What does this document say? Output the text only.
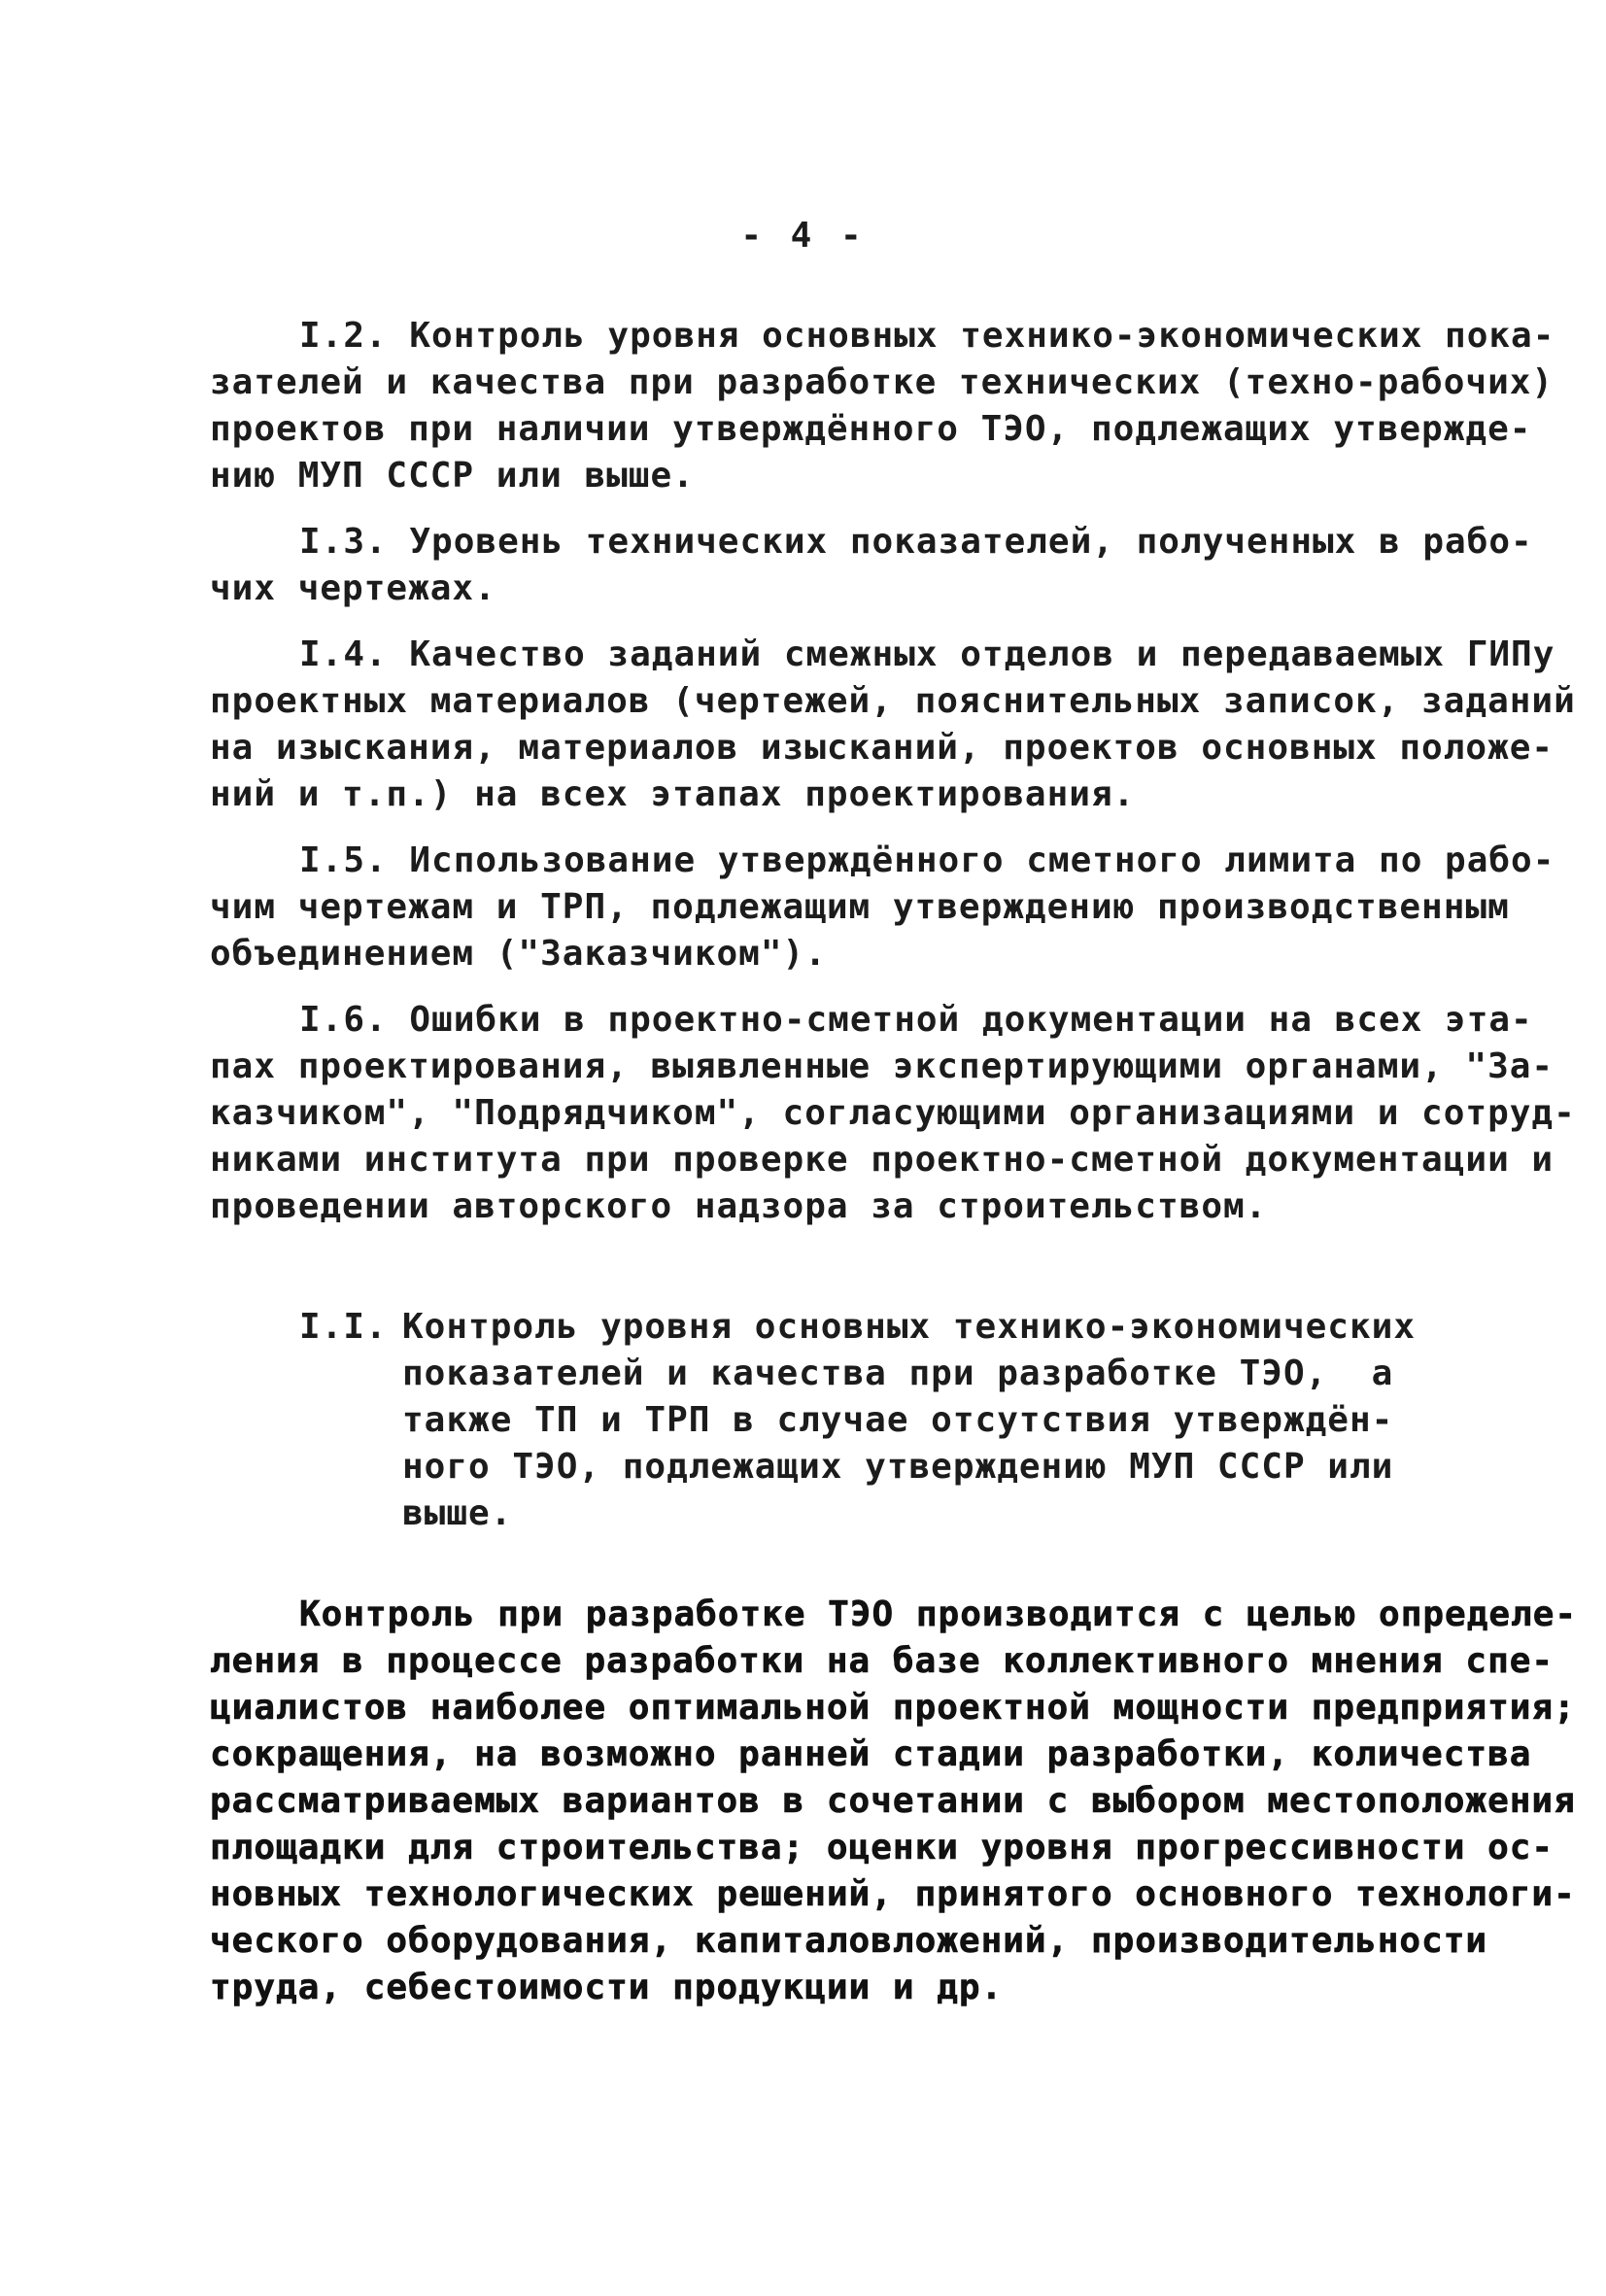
- 4 -
I.2. Контроль уровня основных технико-экономических пока-
зателей и качества при разработке технических (техно-рабочих)
проектов при наличии утверждённого ТЭО, подлежащих утвержде-
нию МУП СССР или выше.
I.3. Уровень технических показателей, полученных в рабо-
чих чертежах.
I.4. Качество заданий смежных отделов и передаваемых ГИПу
проектных материалов (чертежей, пояснительных записок, заданий
на изыскания, материалов изысканий, проектов основных положе-
ний и т.п.) на всех этапах проектирования.
I.5. Использование утверждённого сметного лимита по рабо-
чим чертежам и ТРП, подлежащим утверждению производственным
объединением ("Заказчиком").
I.6. Ошибки в проектно-сметной документации на всех эта-
пах проектирования, выявленные экспертирующими органами, "За-
казчиком", "Подрядчиком", согласующими организациями и сотруд-
никами института при проверке проектно-сметной документации и
проведении авторского надзора за строительством.
I.I. Контроль уровня основных технико-экономических
показателей и качества при разработке ТЭО,  а
также ТП и ТРП в случае отсутствия утверждён-
ного ТЭО, подлежащих утверждению МУП СССР или
выше.
Контроль при разработке ТЭО производится с целью определе-
ления в процессе разработки на базе коллективного мнения спе-
циалистов наиболее оптимальной проектной мощности предприятия;
сокращения, на возможно ранней стадии разработки, количества
рассматриваемых вариантов в сочетании с выбором местоположения
площадки для строительства; оценки уровня прогрессивности ос-
новных технологических решений, принятого основного технологи-
ческого оборудования, капиталовложений, производительности
труда, себестоимости продукции и др.
